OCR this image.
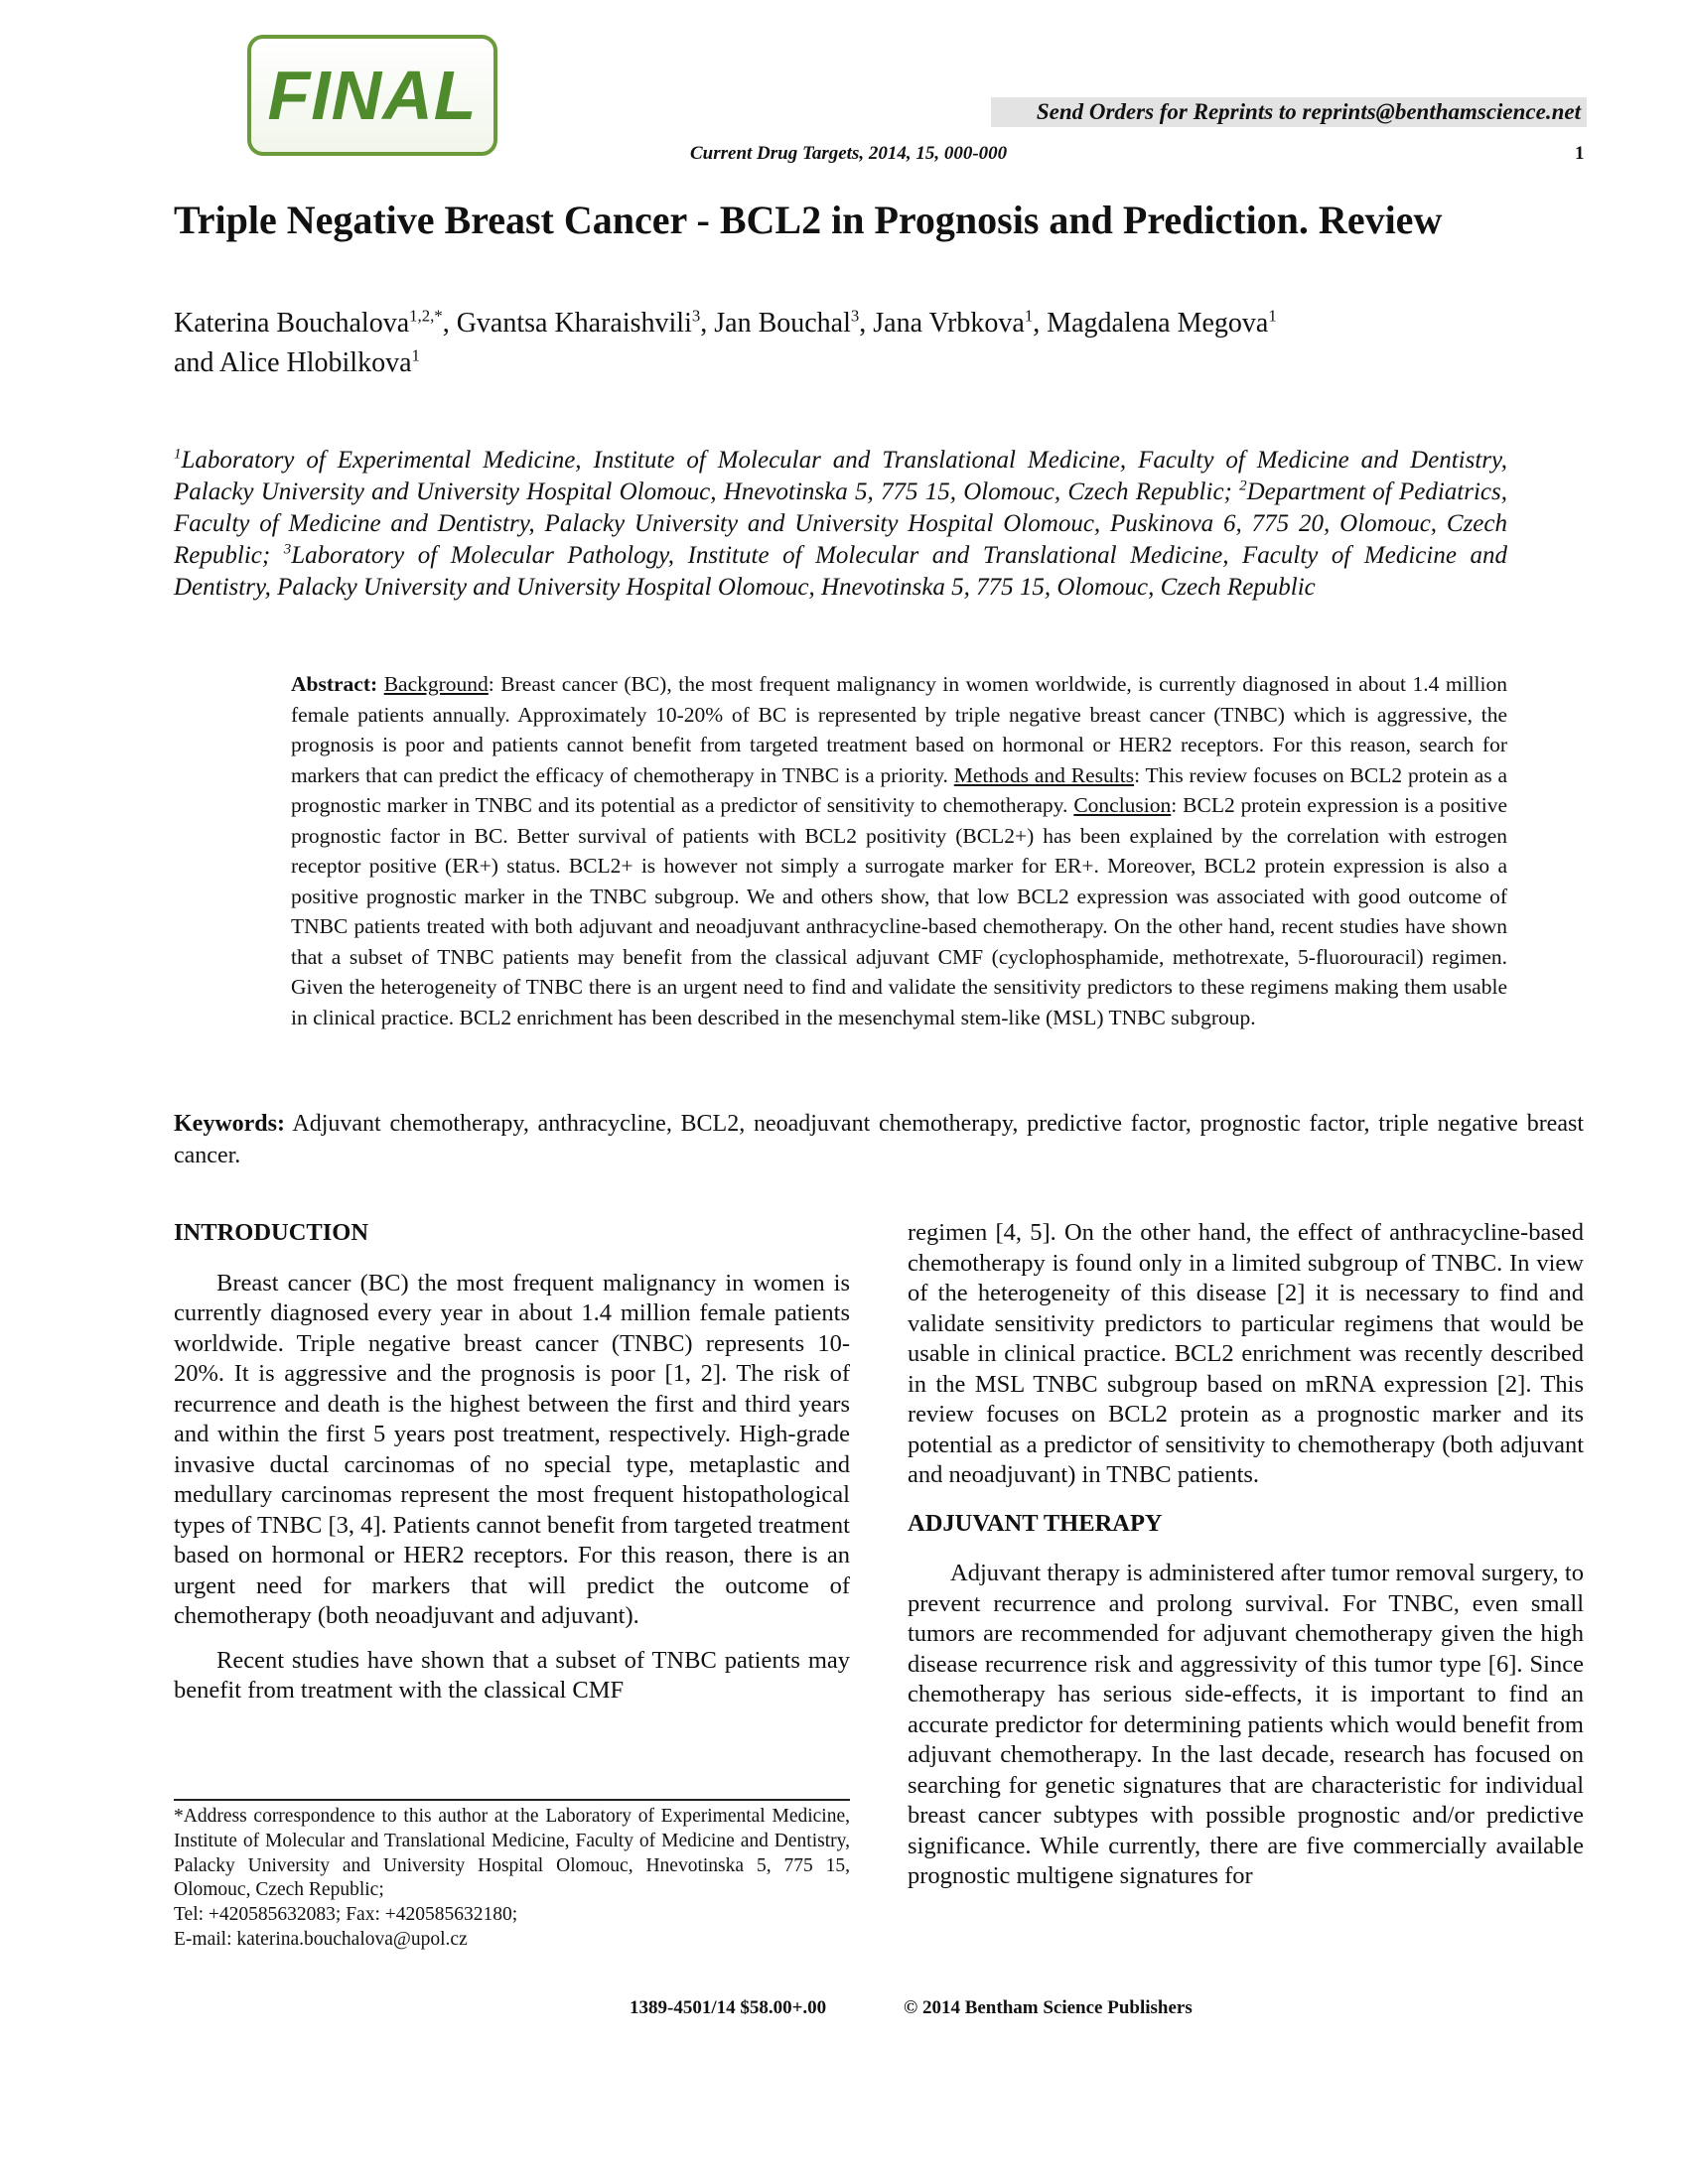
FINAL	Send Orders for Reprints to reprints@benthamscience.net
Current Drug Targets, 2014, 15, 000-000	1
Triple Negative Breast Cancer - BCL2 in Prognosis and Prediction. Review
Katerina Bouchalova$^{1,2,*}$, Gvantsa Kharaishvili$^3$, Jan Bouchal$^3$, Jana Vrbkova$^1$, Magdalena Megova$^1$
and Alice Hlobilkova$^1$
$^1$Laboratory of Experimental Medicine, Institute of Molecular and Translational Medicine, Faculty of Medicine and Dentistry, Palacky University and University Hospital Olomouc, Hnevotinska 5, 775 15, Olomouc, Czech Republic; $^2$Department of Pediatrics, Faculty of Medicine and Dentistry, Palacky University and University Hospital Olomouc, Puskinova 6, 775 20, Olomouc, Czech Republic; $^3$Laboratory of Molecular Pathology, Institute of Molecular and Translational Medicine, Faculty of Medicine and Dentistry, Palacky University and University Hospital Olomouc, Hnevotinska 5, 775 15, Olomouc, Czech Republic
Abstract: Background: Breast cancer (BC), the most frequent malignancy in women worldwide, is currently diagnosed in about 1.4 million female patients annually. Approximately 10-20% of BC is represented by triple negative breast cancer (TNBC) which is aggressive, the prognosis is poor and patients cannot benefit from targeted treatment based on hormonal or HER2 receptors. For this reason, search for markers that can predict the efficacy of chemotherapy in TNBC is a priority. Methods and Results: This review focuses on BCL2 protein as a prognostic marker in TNBC and its potential as a predictor of sensitivity to chemotherapy. Conclusion: BCL2 protein expression is a positive prognostic factor in BC. Better survival of patients with BCL2 positivity (BCL2+) has been explained by the correlation with estrogen receptor positive (ER+) status. BCL2+ is however not simply a surrogate marker for ER+. Moreover, BCL2 protein expression is also a positive prognostic marker in the TNBC subgroup. We and others show, that low BCL2 expression was associated with good outcome of TNBC patients treated with both adjuvant and neoadjuvant anthracycline-based chemotherapy. On the other hand, recent studies have shown that a subset of TNBC patients may benefit from the classical adjuvant CMF (cyclophosphamide, methotrexate, 5-fluorouracil) regimen. Given the heterogeneity of TNBC there is an urgent need to find and validate the sensitivity predictors to these regimens making them usable in clinical practice. BCL2 enrichment has been described in the mesenchymal stem-like (MSL) TNBC subgroup.
Keywords: Adjuvant chemotherapy, anthracycline, BCL2, neoadjuvant chemotherapy, predictive factor, prognostic factor, triple negative breast cancer.
INTRODUCTION

Breast cancer (BC) the most frequent malignancy in women is currently diagnosed every year in about 1.4 million female patients worldwide. Triple negative breast cancer (TNBC) represents 10-20%. It is aggressive and the prognosis is poor [1, 2]. The risk of recurrence and death is the highest between the first and third years and within the first 5 years post treatment, respectively. High-grade invasive ductal carcinomas of no special type, metaplastic and medullary carcinomas represent the most frequent histopathological types of TNBC [3, 4]. Patients cannot benefit from targeted treatment based on hormonal or HER2 receptors. For this reason, there is an urgent need for markers that will predict the outcome of chemotherapy (both neoadjuvant and adjuvant).

Recent studies have shown that a subset of TNBC patients may benefit from treatment with the classical CMF

regimen [4, 5]. On the other hand, the effect of anthracycline-based chemotherapy is found only in a limited subgroup of TNBC. In view of the heterogeneity of this disease [2] it is necessary to find and validate sensitivity predictors to particular regimens that would be usable in clinical practice. BCL2 enrichment was recently described in the MSL TNBC subgroup based on mRNA expression [2]. This review focuses on BCL2 protein as a prognostic marker and its potential as a predictor of sensitivity to chemotherapy (both adjuvant and neoadjuvant) in TNBC patients.

ADJUVANT THERAPY

Adjuvant therapy is administered after tumor removal surgery, to prevent recurrence and prolong survival. For TNBC, even small tumors are recommended for adjuvant chemotherapy given the high disease recurrence risk and aggressivity of this tumor type [6]. Since chemotherapy has serious side-effects, it is important to find an accurate predictor for determining patients which would benefit from adjuvant chemotherapy. In the last decade, research has focused on searching for genetic signatures that are characteristic for individual breast cancer subtypes with possible prognostic and/or predictive significance. While currently, there are five commercially available prognostic multigene signatures for

*Address correspondence to this author at the Laboratory of Experimental Medicine, Institute of Molecular and Translational Medicine, Faculty of Medicine and Dentistry, Palacky University and University Hospital Olomouc, Hnevotinska 5, 775 15, Olomouc, Czech Republic;
Tel: +420585632083; Fax: +420585632180;
E-mail: katerina.bouchalova@upol.cz
1389-4501/14 $58.00+.00	© 2014 Bentham Science Publishers
